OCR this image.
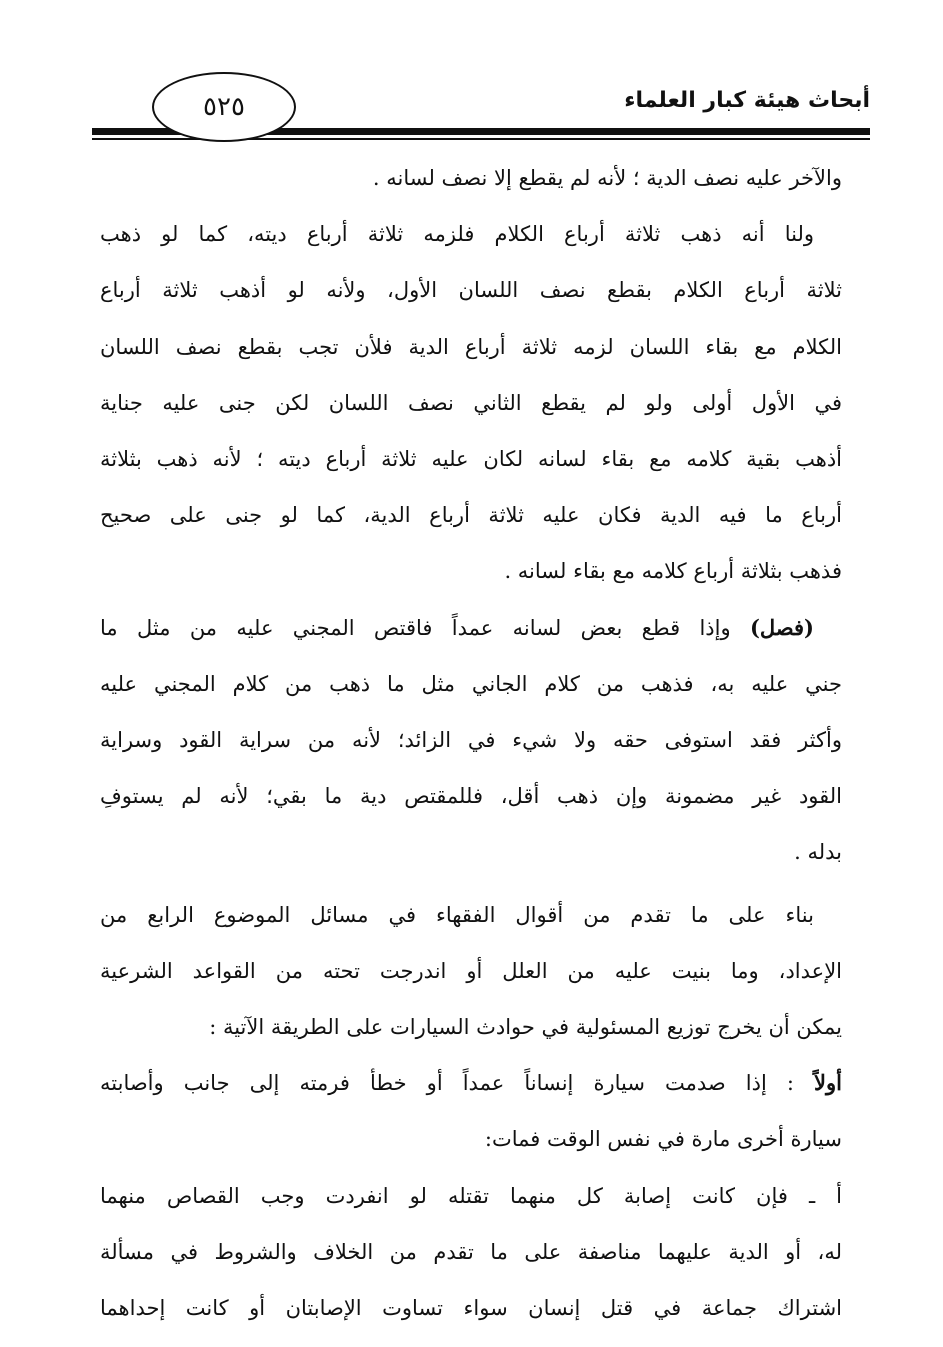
٥٢٥	أبحاث هيئة كبار العلماء

والآخر عليه نصف الدية ؛ لأنه لم يقطع إلا نصف لسانه .

ولنا أنه ذهب ثلاثة أرباع الكلام فلزمه ثلاثة أرباع ديته، كما لو ذهب
ثلاثة أرباع الكلام بقطع نصف اللسان الأول، ولأنه لو أذهب ثلاثة أرباع
الكلام مع بقاء اللسان لزمه ثلاثة أرباع الدية فلأن تجب بقطع نصف اللسان
في الأول أولى ولو لم يقطع الثاني نصف اللسان لكن جنى عليه جناية
أذهب بقية كلامه مع بقاء لسانه لكان عليه ثلاثة أرباع ديته ؛ لأنه ذهب بثلاثة
أرباع ما فيه الدية فكان عليه ثلاثة أرباع الدية، كما لو جنى على صحيح
فذهب بثلاثة أرباع كلامه مع بقاء لسانه .

(فصل) وإذا قطع بعض لسانه عمداً فاقتص المجني عليه من مثل ما
جني عليه به، فذهب من كلام الجاني مثل ما ذهب من كلام المجني عليه
وأكثر فقد استوفى حقه ولا شيء في الزائد؛ لأنه من سراية القود وسراية
القود غير مضمونة وإن ذهب أقل، فللمقتص دية ما بقي؛ لأنه لم يستوفِ
بدله .

بناء على ما تقدم من أقوال الفقهاء في مسائل الموضوع الرابع من
الإعداد، وما بنيت عليه من العلل أو اندرجت تحته من القواعد الشرعية
يمكن أن يخرج توزيع المسئولية في حوادث السيارات على الطريقة الآتية :

أولاً : إذا صدمت سيارة إنساناً عمداً أو خطأ فرمته إلى جانب وأصابته
سيارة أخرى مارة في نفس الوقت فمات:

أ ـ فإن كانت إصابة كل منهما تقتله لو انفردت وجب القصاص منهما
له، أو الدية عليهما مناصفة على ما تقدم من الخلاف والشروط في مسألة
اشتراك جماعة في قتل إنسان سواء تساوت الإصابتان أو كانت إحداهما
